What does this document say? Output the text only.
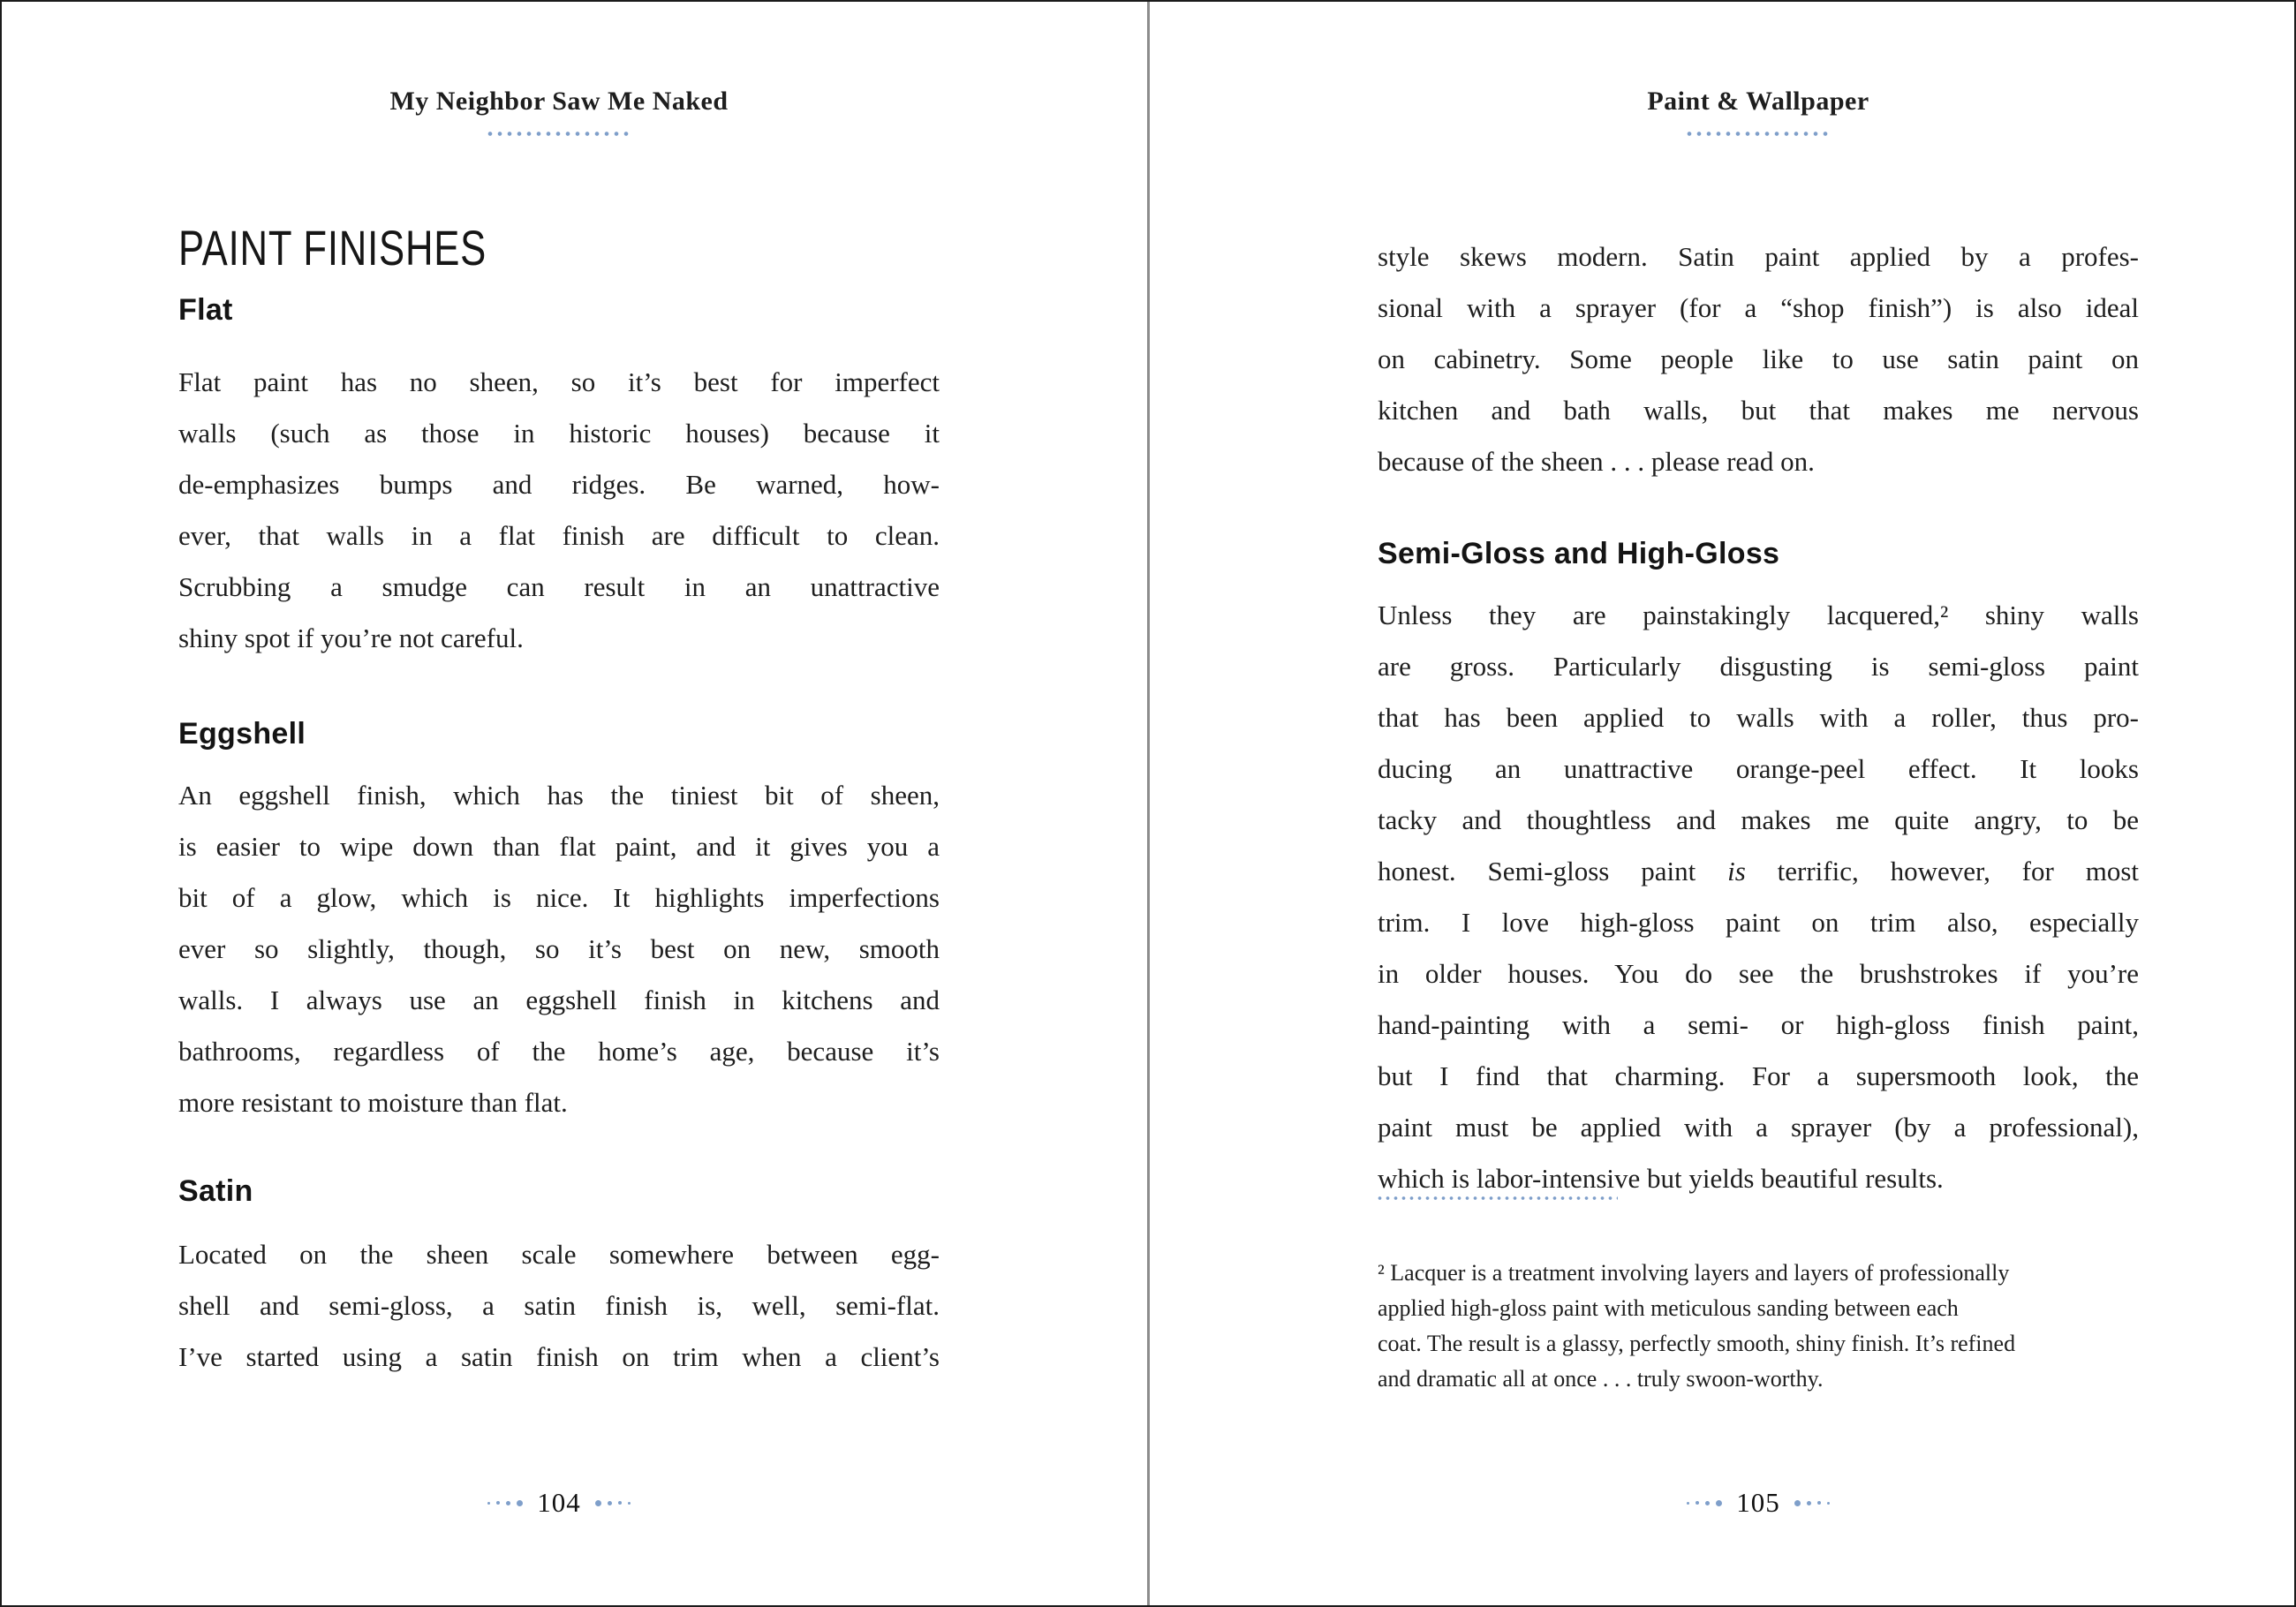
My Neighbor Saw Me Naked
PAINT FINISHES
Flat
Flat paint has no sheen, so it’s best for imperfect
walls (such as those in historic houses) because it
de-emphasizes bumps and ridges. Be warned, how-
ever, that walls in a flat finish are difficult to clean.
Scrubbing a smudge can result in an unattractive
shiny spot if you’re not careful.
Eggshell
An eggshell finish, which has the tiniest bit of sheen,
is easier to wipe down than flat paint, and it gives you a
bit of a glow, which is nice. It highlights imperfections
ever so slightly, though, so it’s best on new, smooth
walls. I always use an eggshell finish in kitchens and
bathrooms, regardless of the home’s age, because it’s
more resistant to moisture than flat.
Satin
Located on the sheen scale somewhere between egg-
shell and semi-gloss, a satin finish is, well, semi-flat.
I’ve started using a satin finish on trim when a client’s
104
Paint & Wallpaper
style skews modern. Satin paint applied by a profes-
sional with a sprayer (for a “shop finish”) is also ideal
on cabinetry. Some people like to use satin paint on
kitchen and bath walls, but that makes me nervous
because of the sheen . . . please read on.
Semi-Gloss and High-Gloss
Unless they are painstakingly lacquered,² shiny walls
are gross. Particularly disgusting is semi-gloss paint
that has been applied to walls with a roller, thus pro-
ducing an unattractive orange-peel effect. It looks
tacky and thoughtless and makes me quite angry, to be
honest. Semi-gloss paint is terrific, however, for most
trim. I love high-gloss paint on trim also, especially
in older houses. You do see the brushstrokes if you’re
hand-painting with a semi- or high-gloss finish paint,
but I find that charming. For a supersmooth look, the
paint must be applied with a sprayer (by a professional),
which is labor-intensive but yields beautiful results.
² Lacquer is a treatment involving layers and layers of professionally
applied high-gloss paint with meticulous sanding between each
coat. The result is a glassy, perfectly smooth, shiny finish. It’s refined
and dramatic all at once . . . truly swoon-worthy.
105
